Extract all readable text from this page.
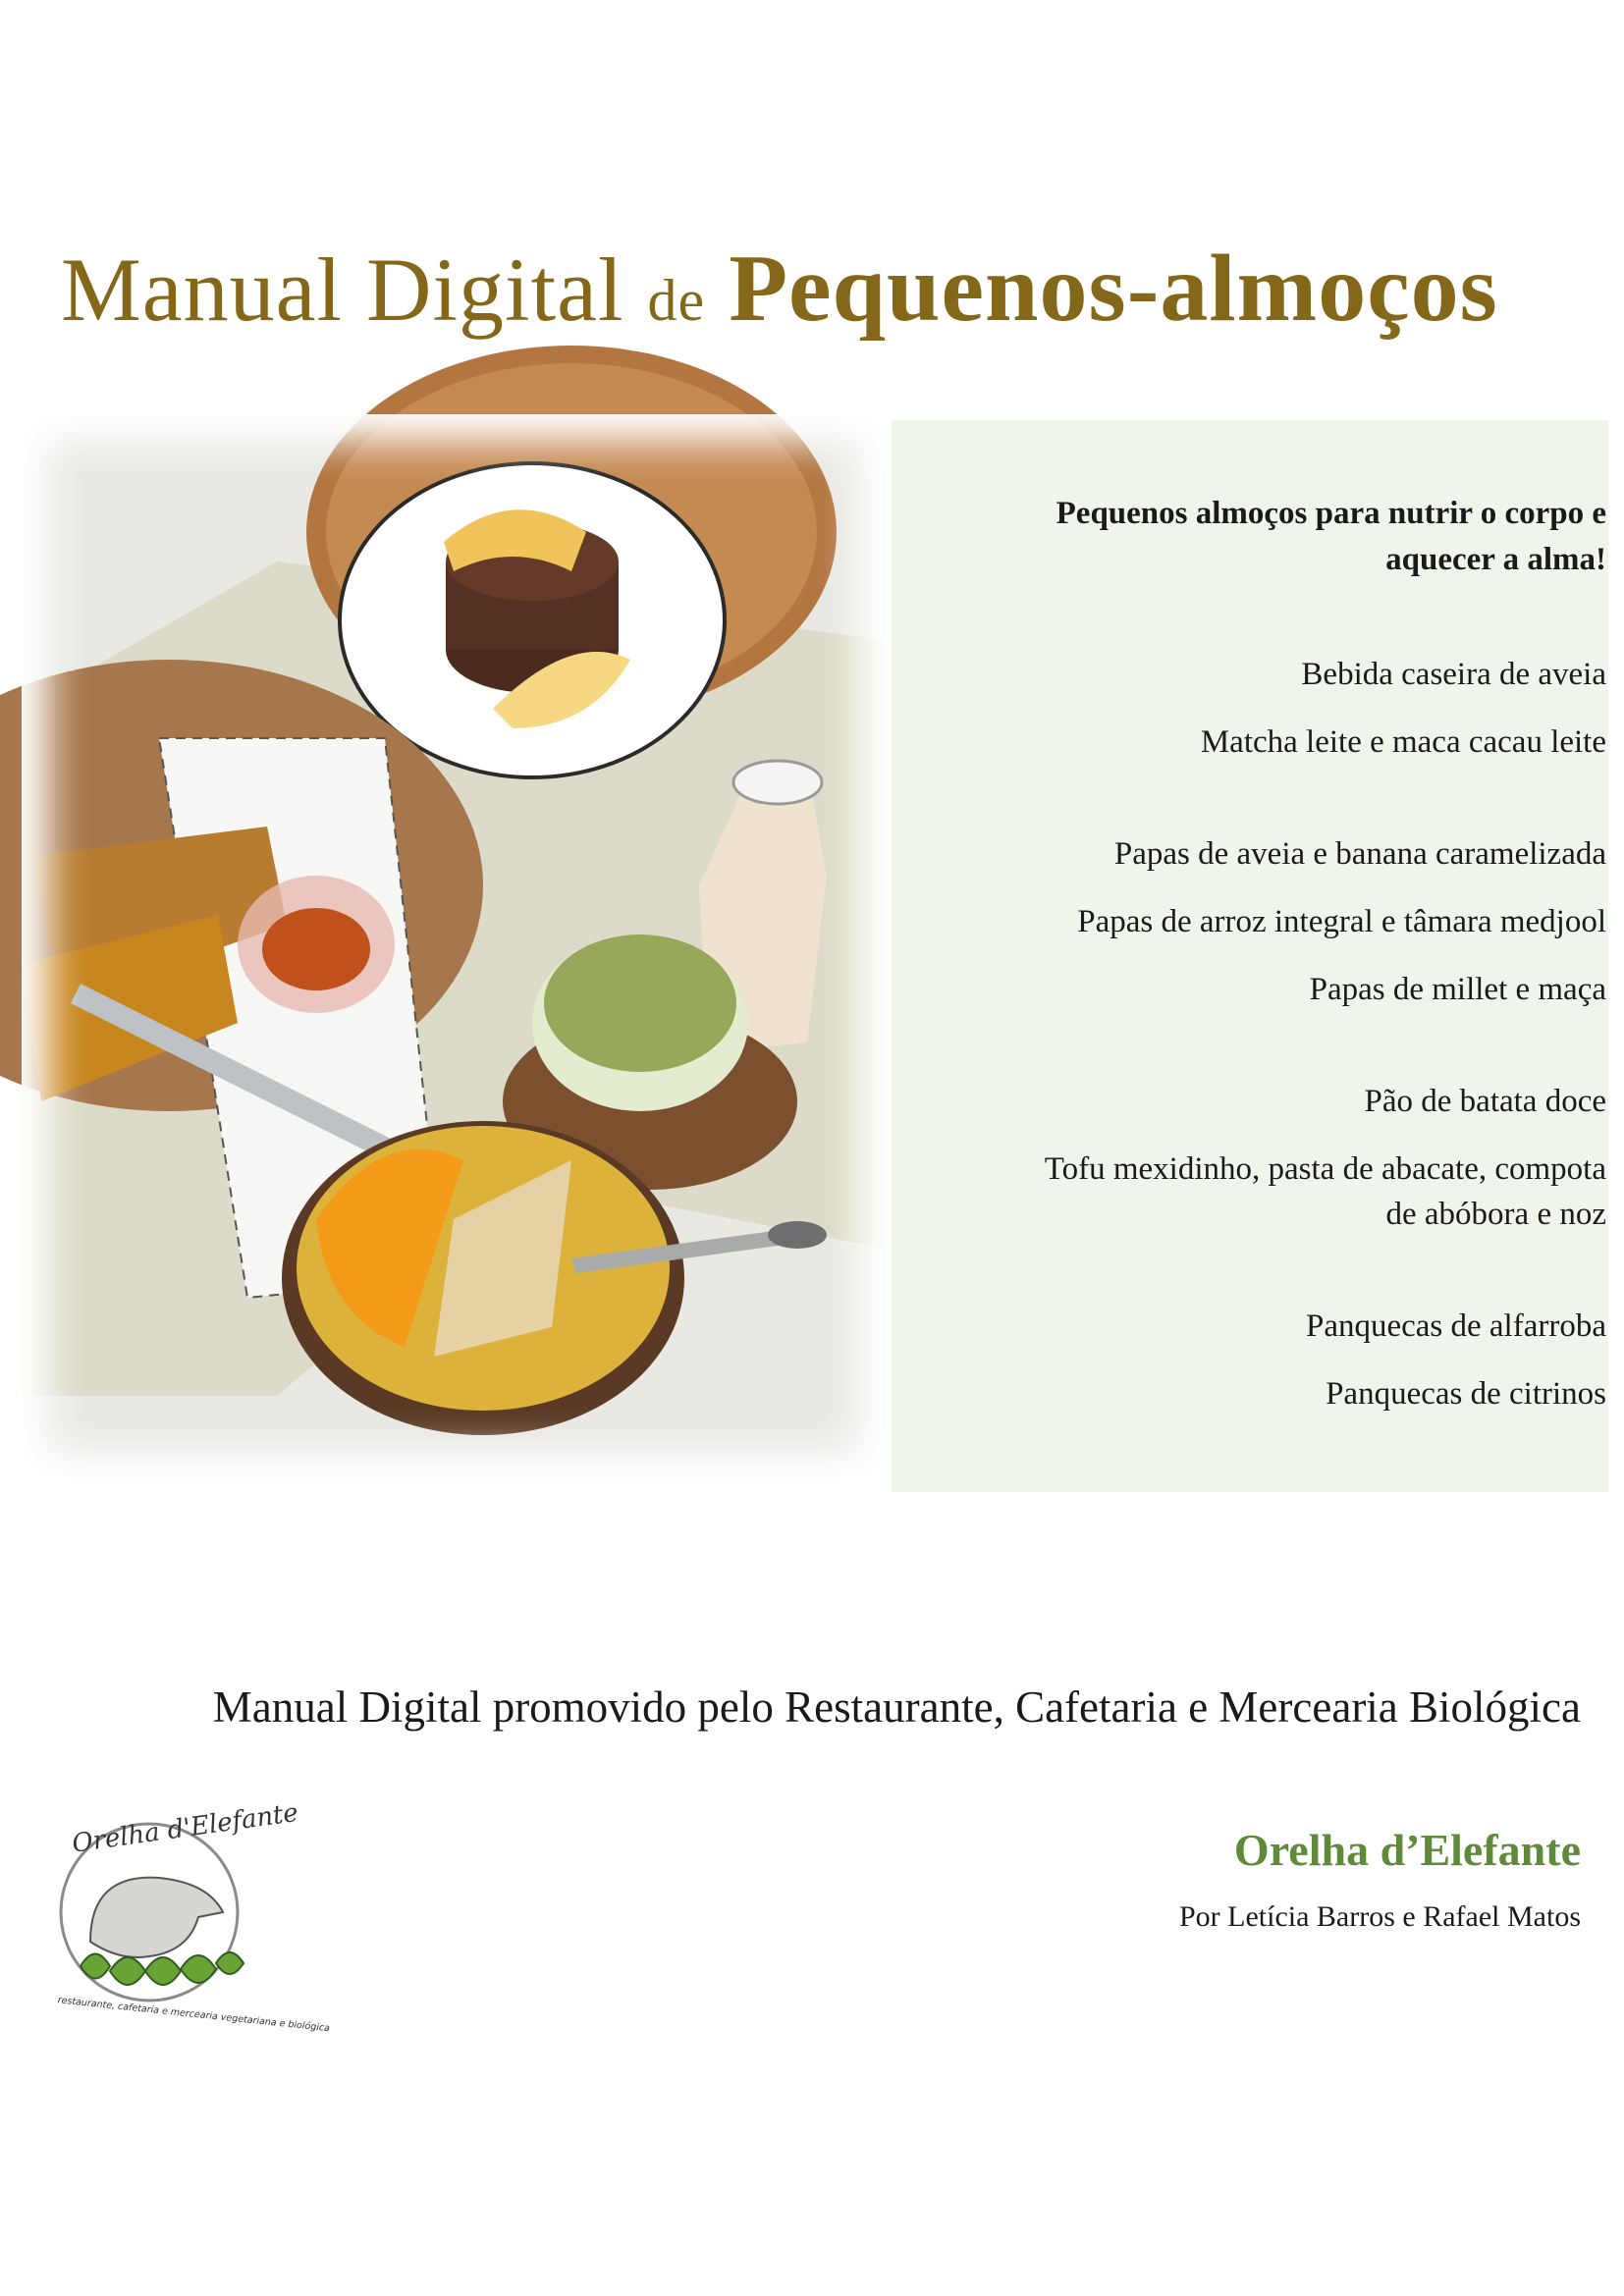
Manual Digital de Pequenos-almoços

Pequenos almoços para nutrir o corpo e
aquecer a alma!

Bebida caseira de aveia

Matcha leite e maca cacau leite

Papas de aveia e banana caramelizada

Papas de arroz integral e tâmara medjool

Papas de millet e maça

Pão de batata doce

Tofu mexidinho, pasta de abacate, compota
de abóbora e noz

Panquecas de alfarroba

Panquecas de citrinos

Manual Digital promovido pelo Restaurante, Cafetaria e Mercearia Biológica

Orelha d’Elefante

Por Letícia Barros e Rafael Matos

Orelha d'Elefante
restaurante, cafetaria e mercearia vegetariana e biológica
